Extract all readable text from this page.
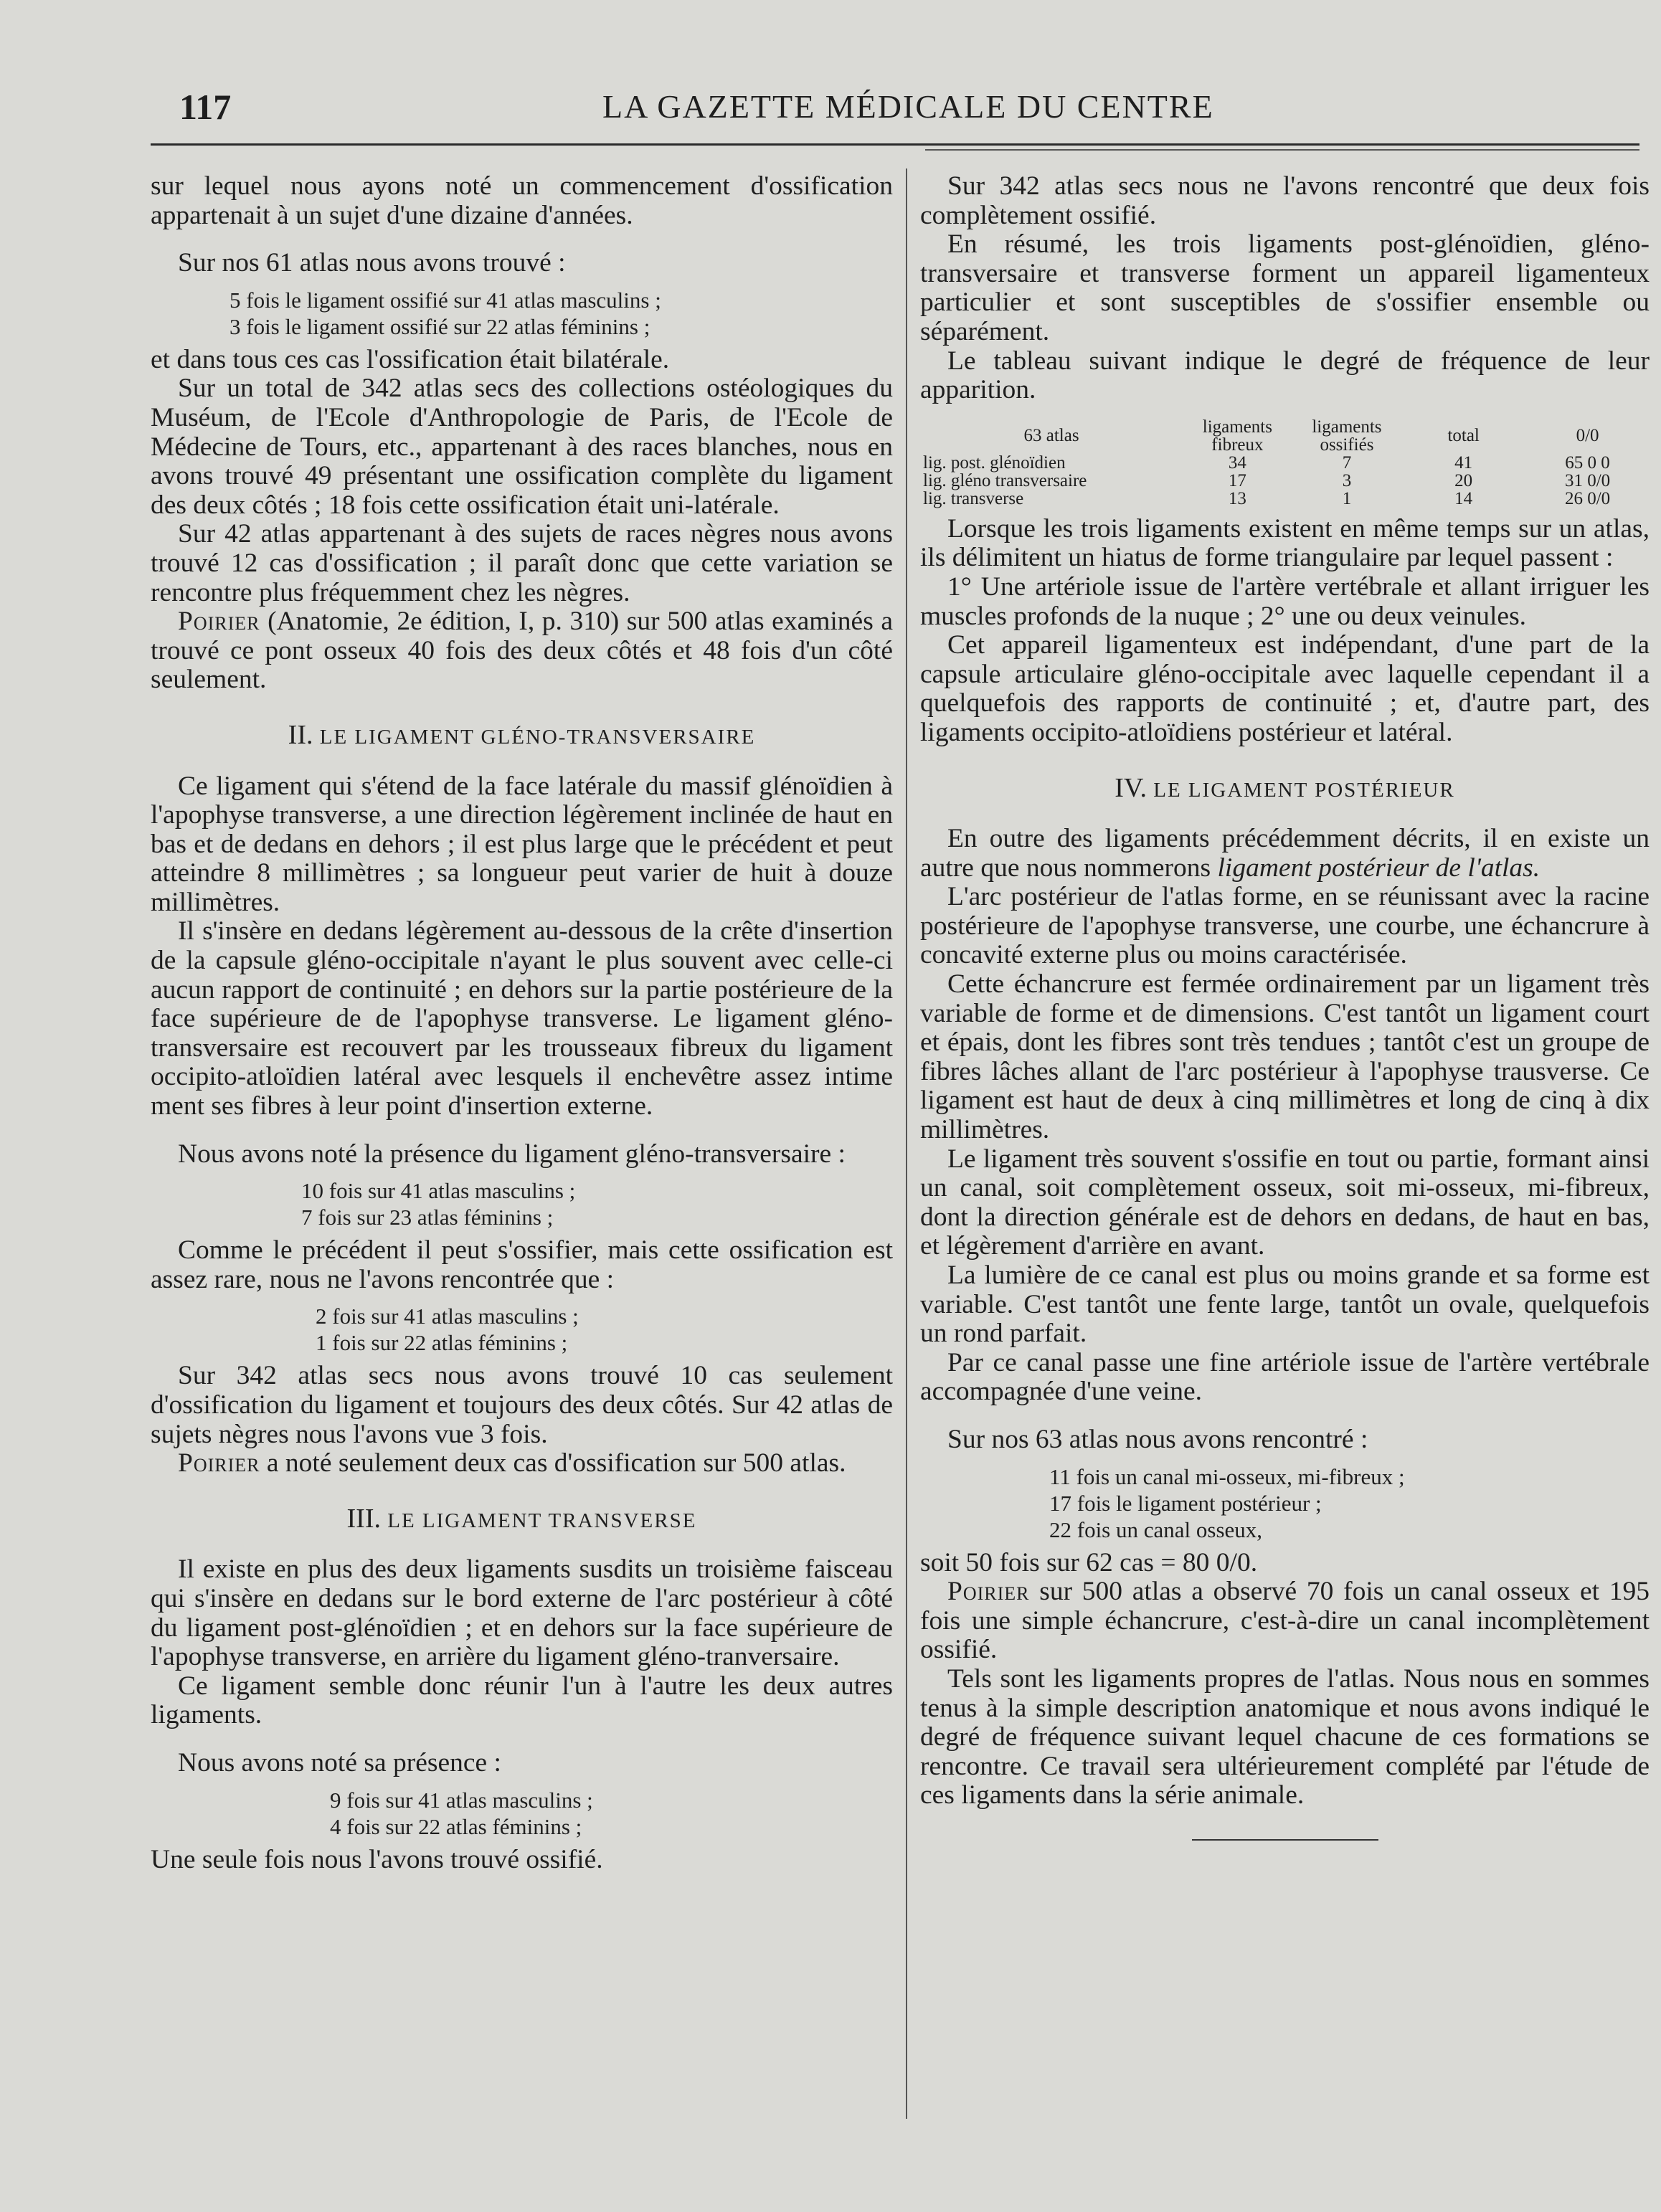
117	LA GAZETTE MÉDICALE DU CENTRE

sur lequel nous ayons noté un commencement d'ossification appartenait à un sujet d'une dizaine d'années.

Sur nos 61 atlas nous avons trouvé :

5 fois le ligament ossifié sur 41 atlas masculins ;
3 fois le ligament ossifié sur 22 atlas féminins ;

et dans tous ces cas l'ossification était bilatérale.

Sur un total de 342 atlas secs des collections ostéologiques du Muséum, de l'Ecole d'Anthropologie de Paris, de l'Ecole de Médecine de Tours, etc., appartenant à des races blanches, nous en avons trouvé 49 présentant une ossification complète du ligament des deux côtés ; 18 fois cette ossification était uni-latérale.

Sur 42 atlas appartenant à des sujets de races nègres nous avons trouvé 12 cas d'ossification ; il paraît donc que cette variation se rencontre plus fréquemment chez les nègres.

Poirier (Anatomie, 2e édition, I, p. 310) sur 500 atlas examinés a trouvé ce pont osseux 40 fois des deux côtés et 48 fois d'un côté seulement.

II. LE LIGAMENT GLÉNO-TRANSVERSAIRE

Ce ligament qui s'étend de la face latérale du massif glénoïdien à l'apophyse transverse, a une direction légèrement inclinée de haut en bas et de dedans en dehors ; il est plus large que le précédent et peut atteindre 8 millimètres ; sa longueur peut varier de huit à douze millimètres.

Il s'insère en dedans légèrement au-dessous de la crête d'insertion de la capsule gléno-occipitale n'ayant le plus souvent avec celle-ci aucun rapport de continuité ; en dehors sur la partie postérieure de la face supérieure de de l'apophyse transverse. Le ligament gléno-transversaire est recouvert par les trousseaux fibreux du ligament occipito-atloïdien latéral avec lesquels il enchevêtre assez intime ment ses fibres à leur point d'insertion externe.

Nous avons noté la présence du ligament gléno-transversaire :

10 fois sur 41 atlas masculins ;
7 fois sur 23 atlas féminins ;

Comme le précédent il peut s'ossifier, mais cette ossification est assez rare, nous ne l'avons rencontrée que :

2 fois sur 41 atlas masculins ;
1 fois sur 22 atlas féminins ;

Sur 342 atlas secs nous avons trouvé 10 cas seulement d'ossification du ligament et toujours des deux côtés. Sur 42 atlas de sujets nègres nous l'avons vue 3 fois.

Poirier a noté seulement deux cas d'ossification sur 500 atlas.

III. LE LIGAMENT TRANSVERSE

Il existe en plus des deux ligaments susdits un troisième faisceau qui s'insère en dedans sur le bord externe de l'arc postérieur à côté du ligament post-glénoïdien ; et en dehors sur la face supérieure de l'apophyse transverse, en arrière du ligament gléno-tranversaire.

Ce ligament semble donc réunir l'un à l'autre les deux autres ligaments.

Nous avons noté sa présence :

9 fois sur 41 atlas masculins ;
4 fois sur 22 atlas féminins ;

Une seule fois nous l'avons trouvé ossifié.

Sur 342 atlas secs nous ne l'avons rencontré que deux fois complètement ossifié.

En résumé, les trois ligaments post-glénoïdien, gléno-transversaire et transverse forment un appareil ligamenteux particulier et sont susceptibles de s'ossifier ensemble ou séparément.

Le tableau suivant indique le degré de fréquence de leur apparition.

63 atlas	ligaments fibreux	ligaments ossifiés	total	0/0
lig. post. glénoïdien	34	7	41	65 0 0
lig. gléno transversaire	17	3	20	31 0/0
lig. transverse	13	1	14	26 0/0

Lorsque les trois ligaments existent en même temps sur un atlas, ils délimitent un hiatus de forme triangulaire par lequel passent :

1° Une artériole issue de l'artère vertébrale et allant irriguer les muscles profonds de la nuque ; 2° une ou deux veinules.

Cet appareil ligamenteux est indépendant, d'une part de la capsule articulaire gléno-occipitale avec laquelle cependant il a quelquefois des rapports de continuité ; et, d'autre part, des ligaments occipito-atloïdiens postérieur et latéral.

IV. LE LIGAMENT POSTÉRIEUR

En outre des ligaments précédemment décrits, il en existe un autre que nous nommerons ligament postérieur de l'atlas.

L'arc postérieur de l'atlas forme, en se réunissant avec la racine postérieure de l'apophyse transverse, une courbe, une échancrure à concavité externe plus ou moins caractérisée.

Cette échancrure est fermée ordinairement par un ligament très variable de forme et de dimensions. C'est tantôt un ligament court et épais, dont les fibres sont très tendues ; tantôt c'est un groupe de fibres lâches allant de l'arc postérieur à l'apophyse trausverse. Ce ligament est haut de deux à cinq millimètres et long de cinq à dix millimètres.

Le ligament très souvent s'ossifie en tout ou partie, formant ainsi un canal, soit complètement osseux, soit mi-osseux, mi-fibreux, dont la direction générale est de dehors en dedans, de haut en bas, et légèrement d'arrière en avant.

La lumière de ce canal est plus ou moins grande et sa forme est variable. C'est tantôt une fente large, tantôt un ovale, quelquefois un rond parfait.

Par ce canal passe une fine artériole issue de l'artère vertébrale accompagnée d'une veine.

Sur nos 63 atlas nous avons rencontré :

11 fois un canal mi-osseux, mi-fibreux ;
17 fois le ligament postérieur ;
22 fois un canal osseux,

soit 50 fois sur 62 cas = 80 0/0.

Poirier sur 500 atlas a observé 70 fois un canal osseux et 195 fois une simple échancrure, c'est-à-dire un canal incomplètement ossifié.

Tels sont les ligaments propres de l'atlas. Nous nous en sommes tenus à la simple description anatomique et nous avons indiqué le degré de fréquence suivant lequel chacune de ces formations se rencontre. Ce travail sera ultérieurement complété par l'étude de ces ligaments dans la série animale.
